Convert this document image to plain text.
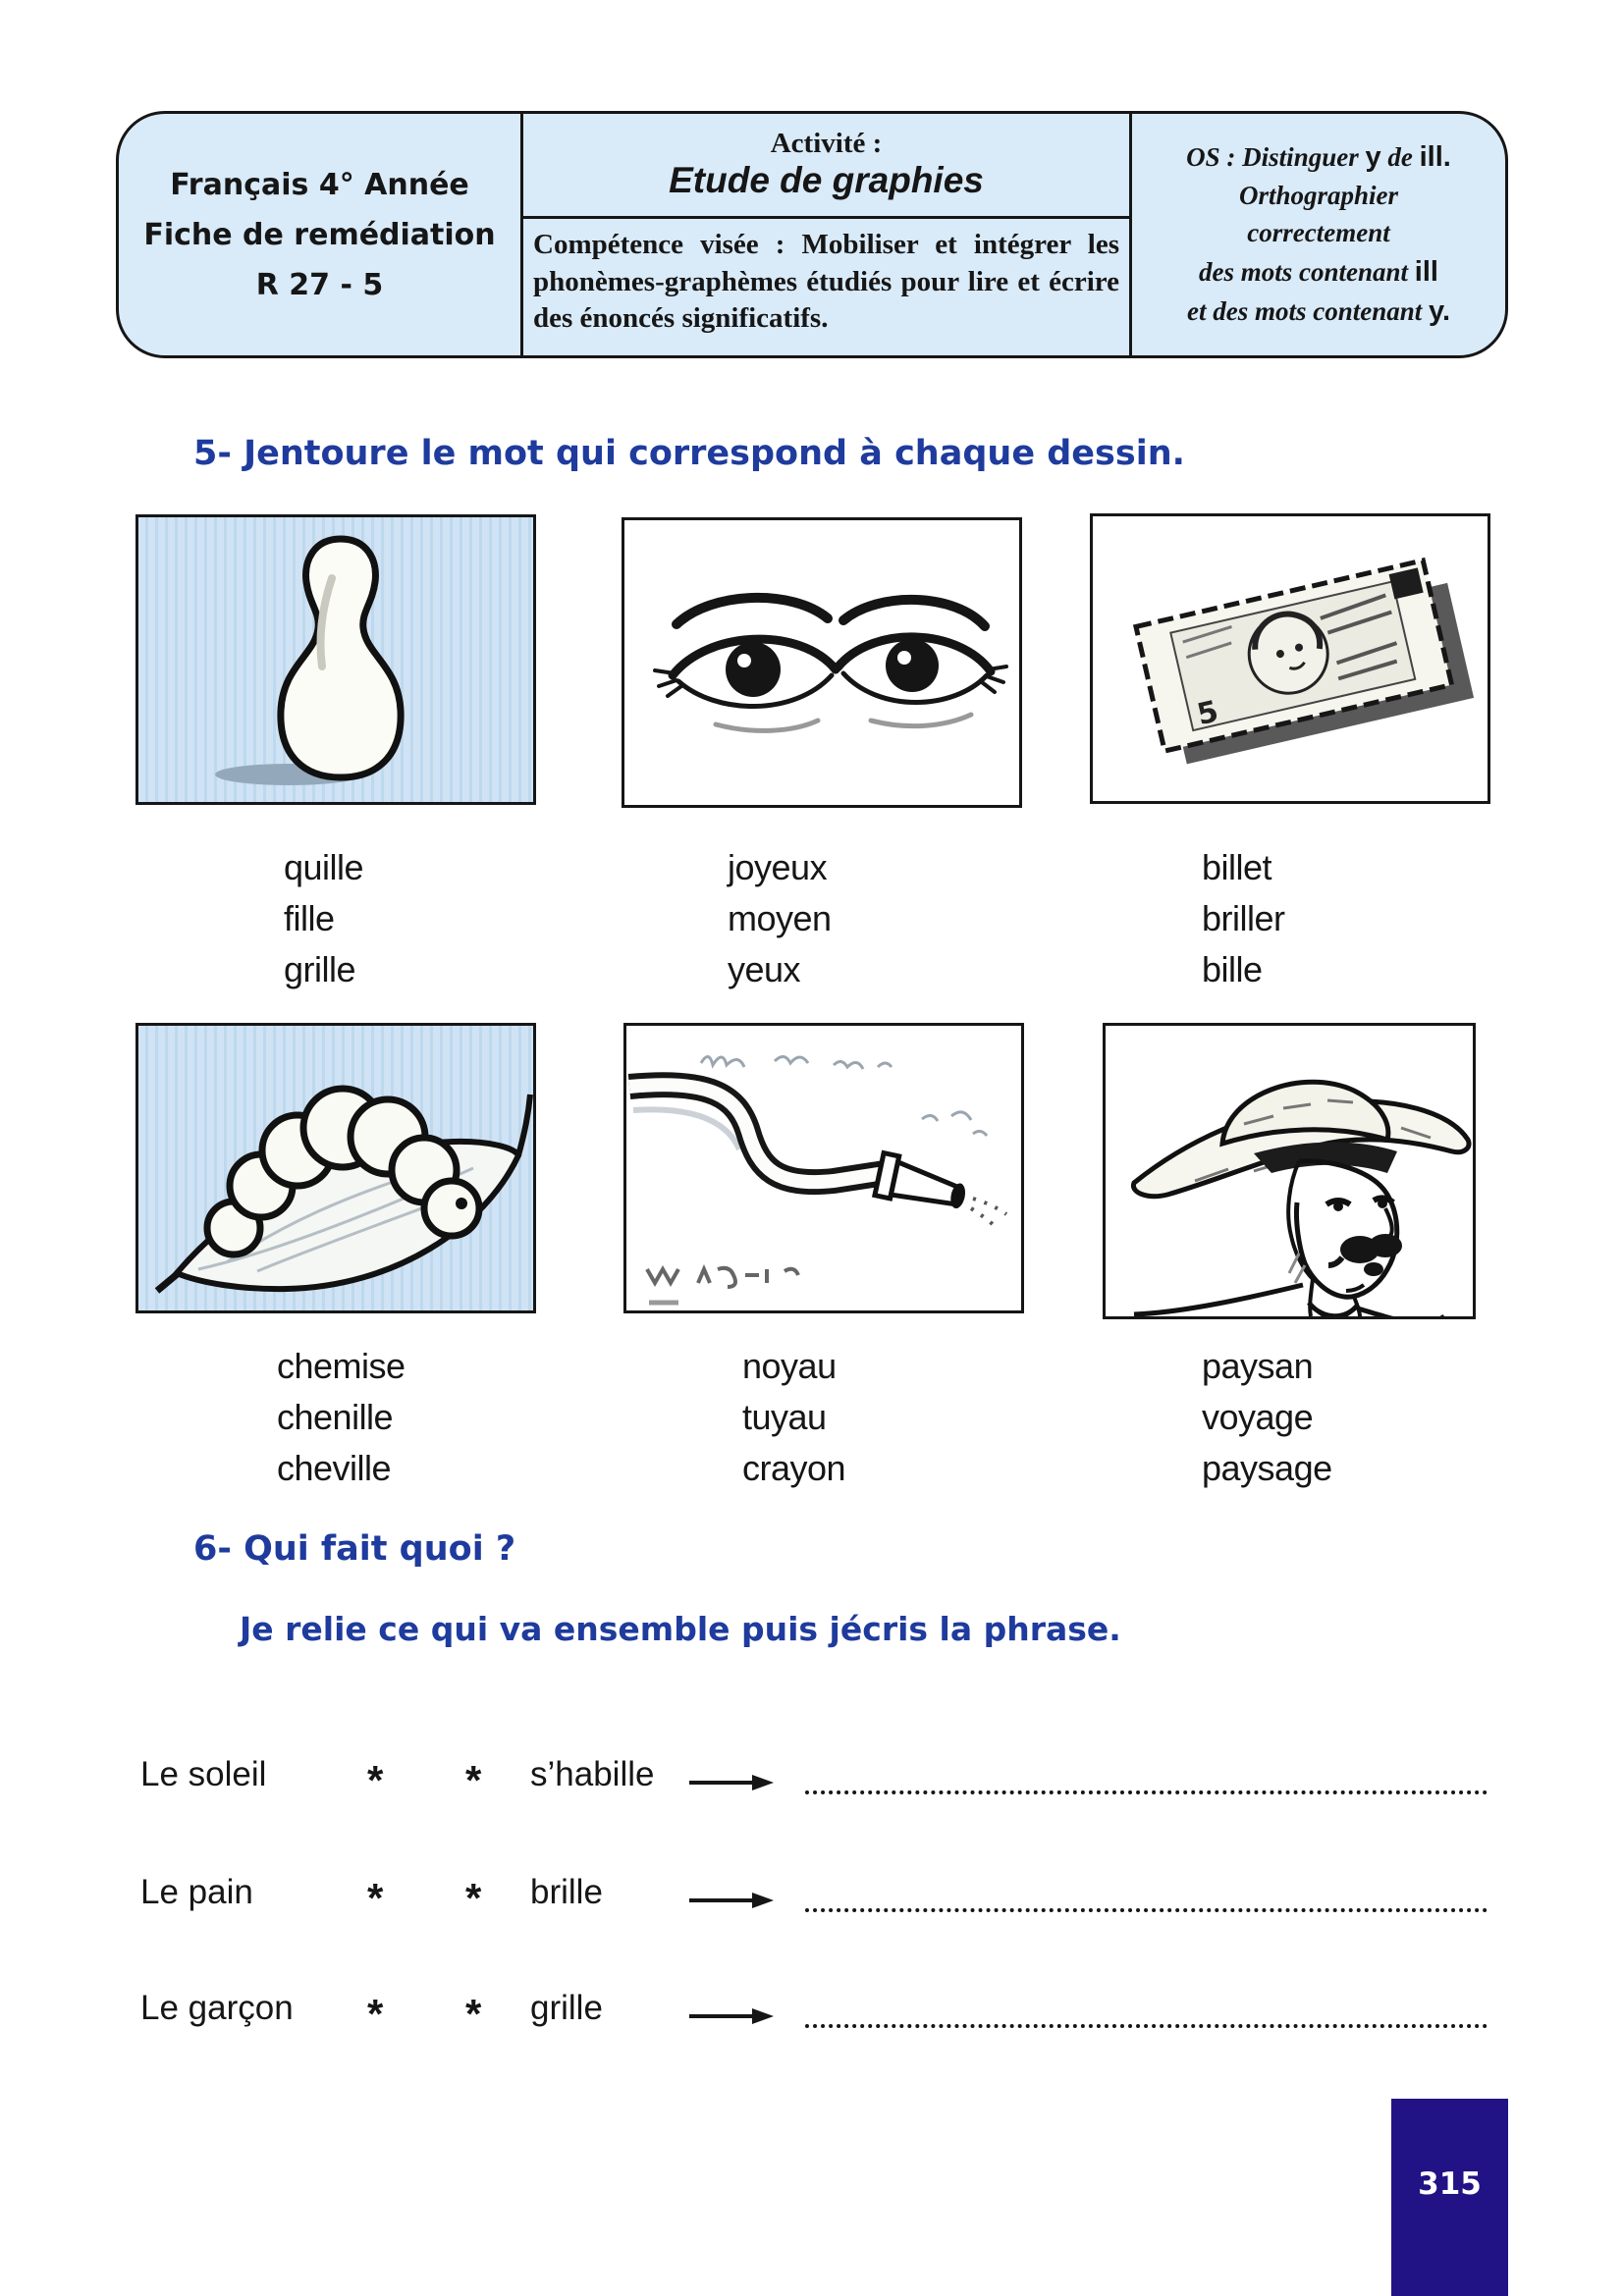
Français 4° Année
Fiche de remédiation
R 27 - 5
Activité :
Etude de graphies
Compétence visée : Mobiliser et intégrer les phonèmes-graphèmes étudiés pour lire et écrire des énoncés significatifs.
OS : Distinguer y de ill.
Orthographier
correctement
des mots contenant ill
et des mots contenant y.
5- Jentoure le mot qui correspond à chaque dessin.
5
quille
fille
grille
joyeux
moyen
yeux
billet
briller
bille
chemise
chenille
cheville
noyau
tuyau
crayon
paysan
voyage
paysage
6- Qui fait quoi ?
Je relie ce qui va ensemble puis jécris la phrase.
Le soleil * * s’habille
Le pain	* * brille
Le garçon * * grille
315
